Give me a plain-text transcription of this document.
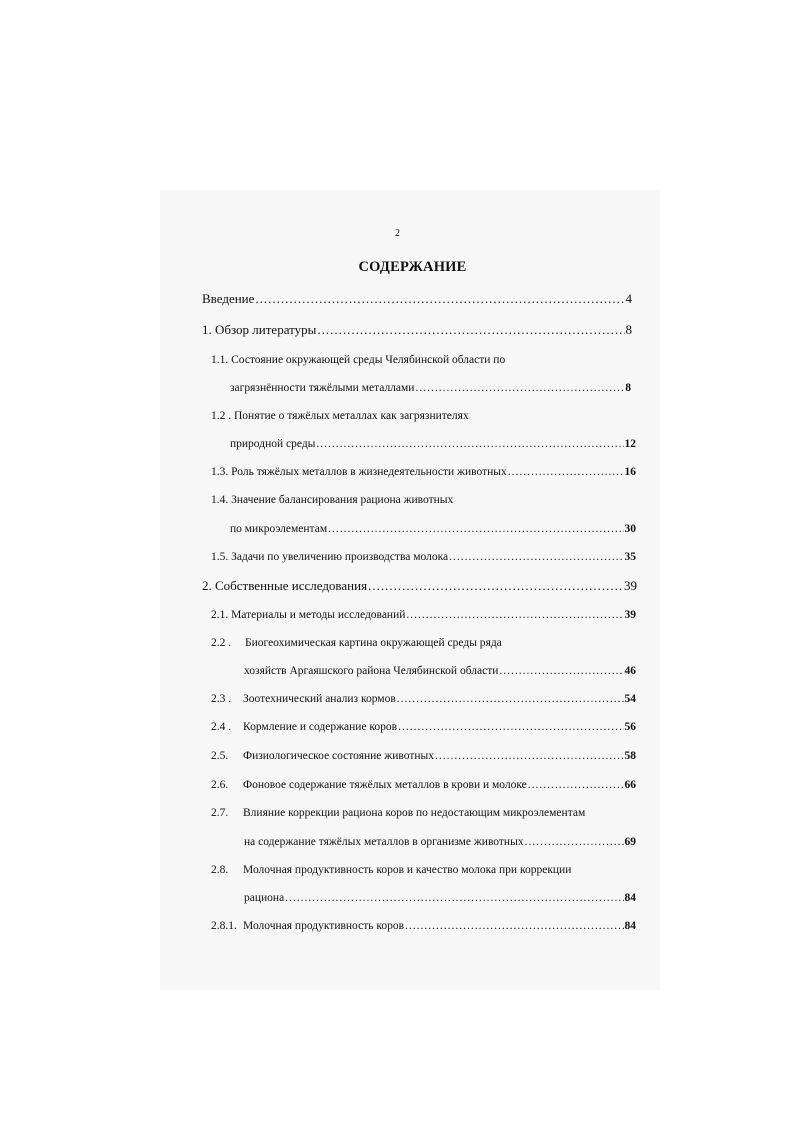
2
СОДЕРЖАНИЕ
Введение .....	4
1. Обзор литературы .....	8
1.1. Состояние окружающей среды Челябинской области по
загрязнённости тяжёлыми металлами .....	8
1.2 . Понятие о тяжёлых металлах как загрязнителях
природной среды .....	12
1.3. Роль тяжёлых металлов в жизнедеятельности животных .....	16
1.4. Значение балансирования рациона животных
по микроэлементам .....	30
1.5. Задачи по увеличению производства молока .....	35
2. Собственные исследования .....	39
2.1. Материалы и методы исследований .....	39
2.2 .	Биогеохимическая картина окружающей среды ряда
хозяйств Аргаяшского района Челябинской области .....	46
2.3 .	Зоотехнический анализ кормов .....	54
2.4 .	Кормление и содержание коров .....	56
2.5.	Физиологическое состояние животных .....	58
2.6.	Фоновое содержание тяжёлых металлов в крови и молоке .....	66
2.7.	Влияние коррекции рациона коров по недостающим микроэлементам
на содержание тяжёлых металлов в организме животных .....	69
2.8.	Молочная продуктивность коров и качество молока при коррекции
рациона .....	84
2.8.1. Молочная продуктивность коров .....	84
